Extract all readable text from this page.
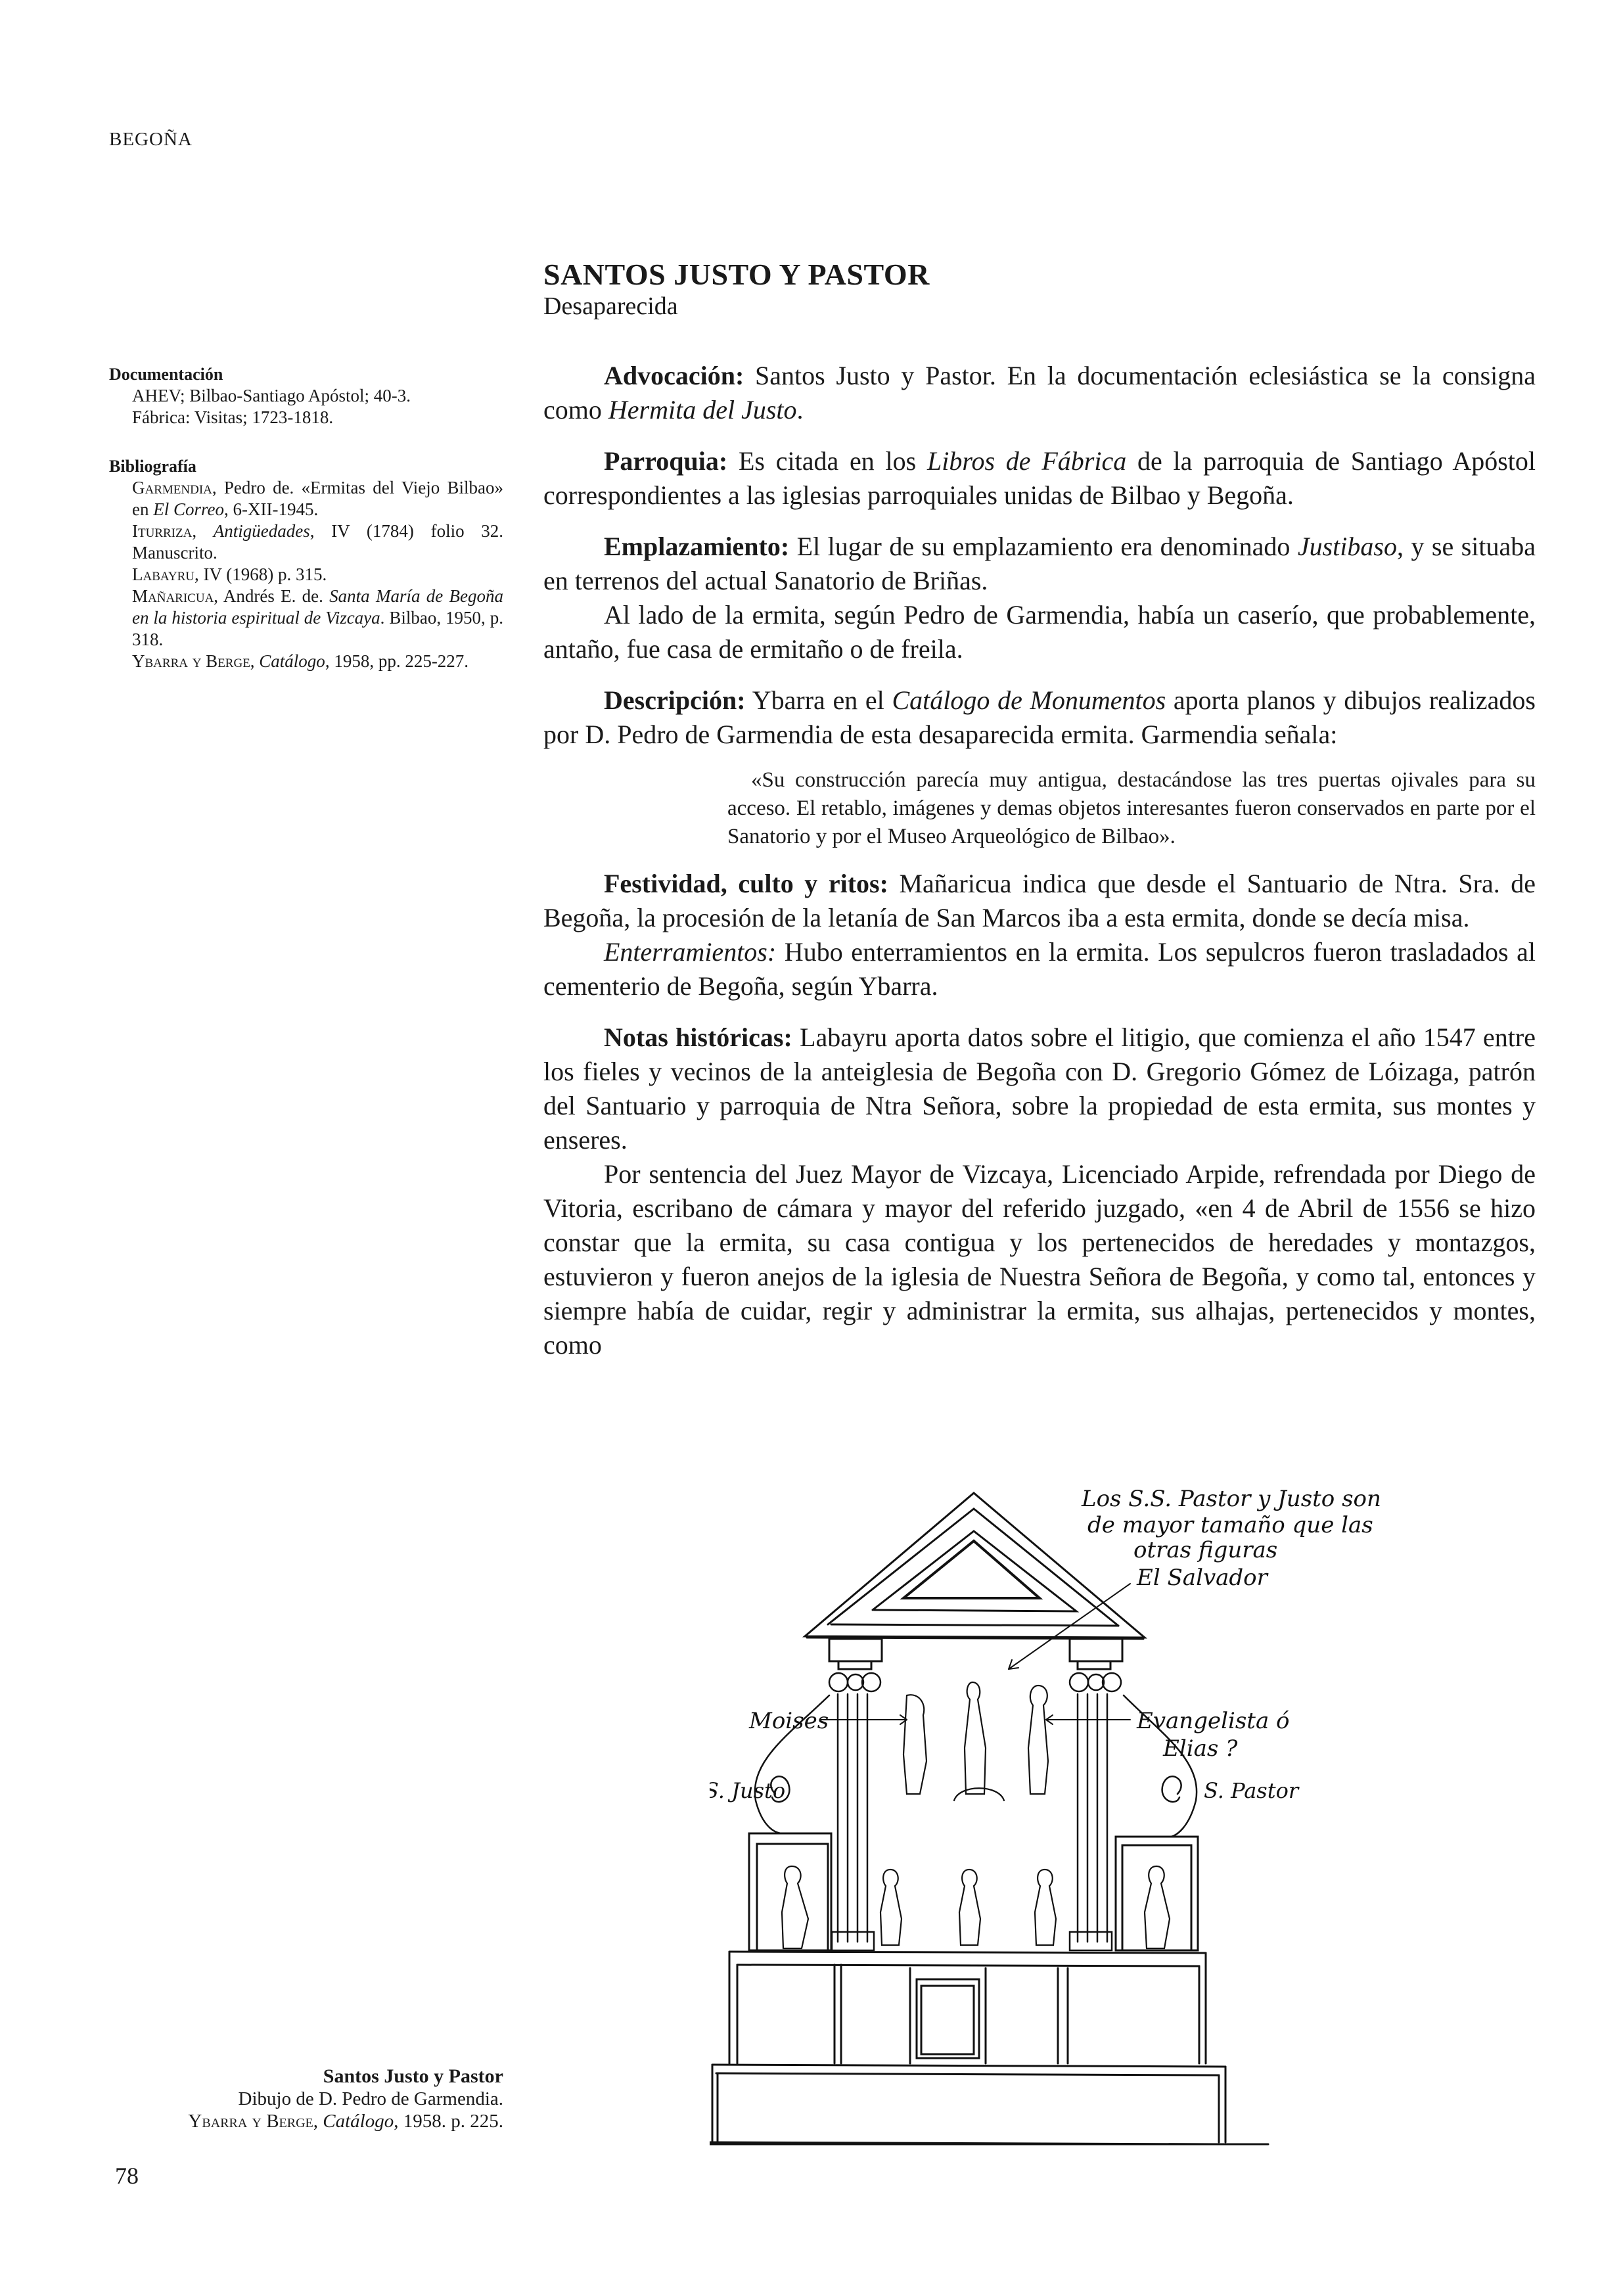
BEGOÑA
Documentación
AHEV; Bilbao-Santiago Apóstol; 40-3.
Fábrica: Visitas; 1723-1818.
Bibliografía
Garmendia, Pedro de. «Ermitas del Viejo Bilbao» en El Correo, 6-XII-1945.
Iturriza, Antigüedades, IV (1784) folio 32. Manuscrito.
Labayru, IV (1968) p. 315.
Mañaricua, Andrés E. de. Santa María de Begoña en la historia espiritual de Vizcaya. Bilbao, 1950, p. 318.
Ybarra y Berge, Catálogo, 1958, pp. 225-227.
SANTOS JUSTO Y PASTOR

Desaparecida

Advocación: Santos Justo y Pastor. En la documentación eclesiástica se la consigna como Hermita del Justo.

Parroquia: Es citada en los Libros de Fábrica de la parroquia de Santiago Apóstol correspondientes a las iglesias parroquiales unidas de Bilbao y Begoña.

Emplazamiento: El lugar de su emplazamiento era denominado Justibaso, y se situaba en terrenos del actual Sanatorio de Briñas.

Al lado de la ermita, según Pedro de Garmendia, había un caserío, que probablemente, antaño, fue casa de ermitaño o de freila.

Descripción: Ybarra en el Catálogo de Monumentos aporta planos y dibujos realizados por D. Pedro de Garmendia de esta desaparecida ermita. Garmendia señala:

«Su construcción parecía muy antigua, destacándose las tres puertas ojivales para su acceso. El retablo, imágenes y demas objetos interesantes fueron conservados en parte por el Sanatorio y por el Museo Arqueológico de Bilbao».

Festividad, culto y ritos: Mañaricua indica que desde el Santuario de Ntra. Sra. de Begoña, la procesión de la letanía de San Marcos iba a esta ermita, donde se decía misa.

Enterramientos: Hubo enterramientos en la ermita. Los sepulcros fueron trasladados al cementerio de Begoña, según Ybarra.

Notas históricas: Labayru aporta datos sobre el litigio, que comienza el año 1547 entre los fieles y vecinos de la anteiglesia de Begoña con D. Gregorio Gómez de Lóizaga, patrón del Santuario y parroquia de Ntra Señora, sobre la propiedad de esta ermita, sus montes y enseres.

Por sentencia del Juez Mayor de Vizcaya, Licenciado Arpide, refrendada por Diego de Vitoria, escribano de cámara y mayor del referido juzgado, «en 4 de Abril de 1556 se hizo constar que la ermita, su casa contigua y los pertenecidos de heredades y montazgos, estuvieron y fueron anejos de la iglesia de Nuestra Señora de Begoña, y como tal, entonces y siempre había de cuidar, regir y administrar la ermita, sus alhajas, pertenecidos y montes, como

Los S.S. Pastor y Justo son
de mayor tamaño que las
otras figuras
El Salvador
Moises	Evangelista ó
Elias ?
S. Justo	S. Pastor
Santos Justo y Pastor
Dibujo de D. Pedro de Garmendia.
Ybarra y Berge, Catálogo, 1958. p. 225.
78
